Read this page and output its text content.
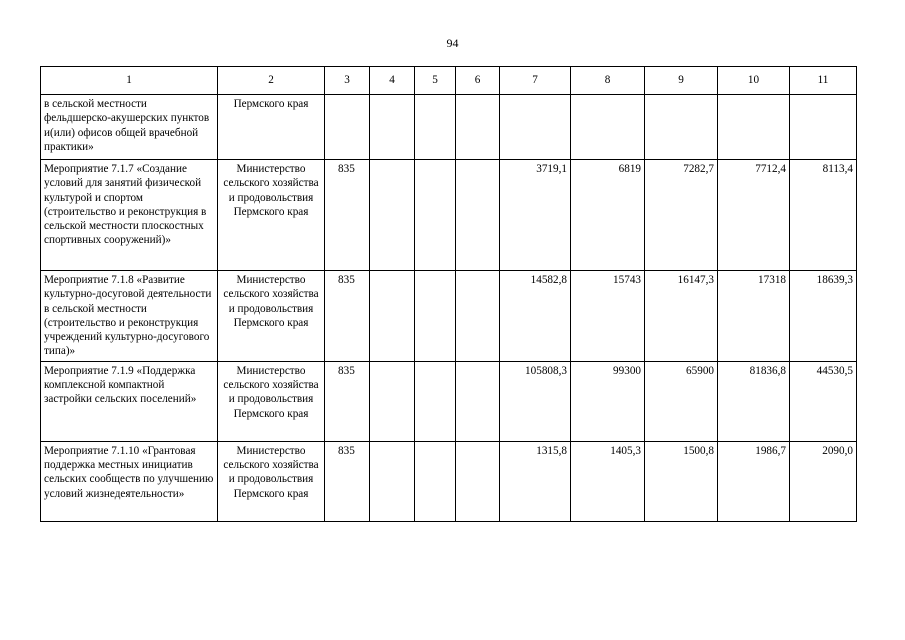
94
1	2	3	4	5	6	7	8	9	10	11
в сельской местности фельдшерско-акушерских пунктов и(или) офисов общей врачебной практики»	Пермского края									
Мероприятие 7.1.7 «Создание условий для занятий физической культурой и спортом (строительство и реконструкция в сельской местности плоскостных спортивных сооружений)»	Министерство сельского хозяйства и продовольствия Пермского края	835				3719,1	6819	7282,7	7712,4	8113,4
Мероприятие 7.1.8 «Развитие культурно-досуговой деятельности в сельской местности (строительство и реконструкция учреждений культурно-досугового типа)»	Министерство сельского хозяйства и продовольствия Пермского края	835				14582,8	15743	16147,3	17318	18639,3
Мероприятие 7.1.9 «Поддержка комплексной компактной застройки сельских поселений»	Министерство сельского хозяйства и продовольствия Пермского края	835				105808,3	99300	65900	81836,8	44530,5
Мероприятие 7.1.10 «Грантовая поддержка местных инициатив сельских сообществ по улучшению условий жизнедеятельности»	Министерство сельского хозяйства и продовольствия Пермского края	835				1315,8	1405,3	1500,8	1986,7	2090,0
